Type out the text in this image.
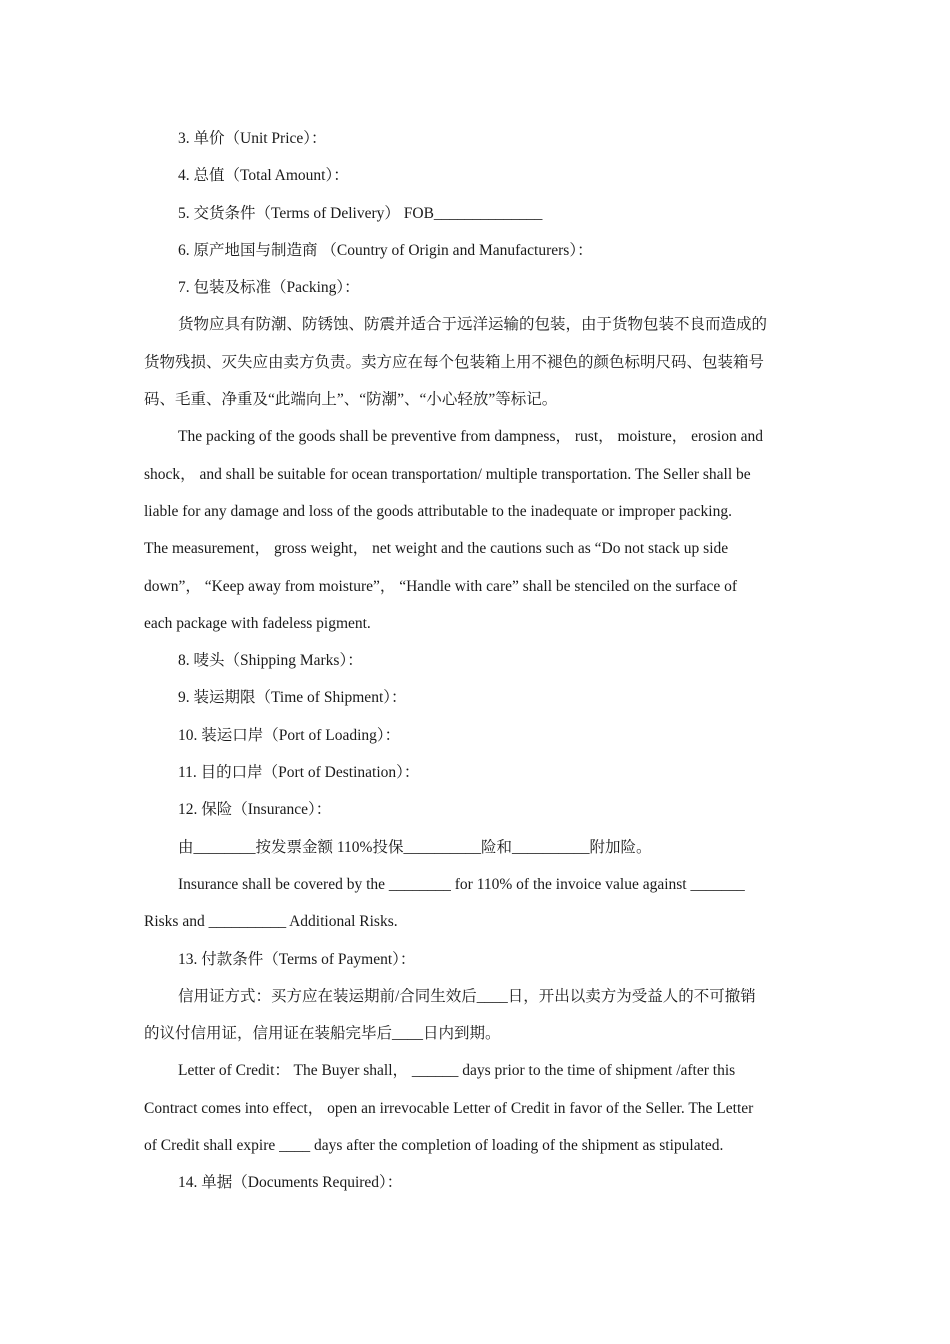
3. 单价（Unit Price）：
4. 总值（Total Amount）：
5. 交货条件（Terms of Delivery） FOB______________
6. 原产地国与制造商 （Country of Origin and Manufacturers）：
7. 包装及标准（Packing）：
货物应具有防潮、防锈蚀、防震并适合于远洋运输的包装，由于货物包装不良而造成的
货物残损、灭失应由卖方负责。卖方应在每个包装箱上用不褪色的颜色标明尺码、包装箱号
码、毛重、净重及“此端向上”、“防潮”、“小心轻放”等标记。
The packing of the goods shall be preventive from dampness， rust， moisture， erosion and
shock， and shall be suitable for ocean transportation/ multiple transportation. The Seller shall be
liable for any damage and loss of the goods attributable to the inadequate or improper packing.
The measurement， gross weight， net weight and the cautions such as “Do not stack up side
down”， “Keep away from moisture”， “Handle with care” shall be stenciled on the surface of
each package with fadeless pigment.
8. 唛头（Shipping Marks）：
9. 装运期限（Time of Shipment）：
10. 装运口岸（Port of Loading）：
11. 目的口岸（Port of Destination）：
12. 保险（Insurance）：
由________按发票金额 110%投保__________险和__________附加险。
Insurance shall be covered by the ________ for 110% of the invoice value against _______
Risks and __________ Additional Risks.
13. 付款条件（Terms of Payment）：
信用证方式：买方应在装运期前/合同生效后____日，开出以卖方为受益人的不可撤销
的议付信用证，信用证在装船完毕后____日内到期。
Letter of Credit： The Buyer shall， ______ days prior to the time of shipment /after this
Contract comes into effect， open an irrevocable Letter of Credit in favor of the Seller. The Letter
of Credit shall expire ____ days after the completion of loading of the shipment as stipulated.
14. 单据（Documents Required）：
